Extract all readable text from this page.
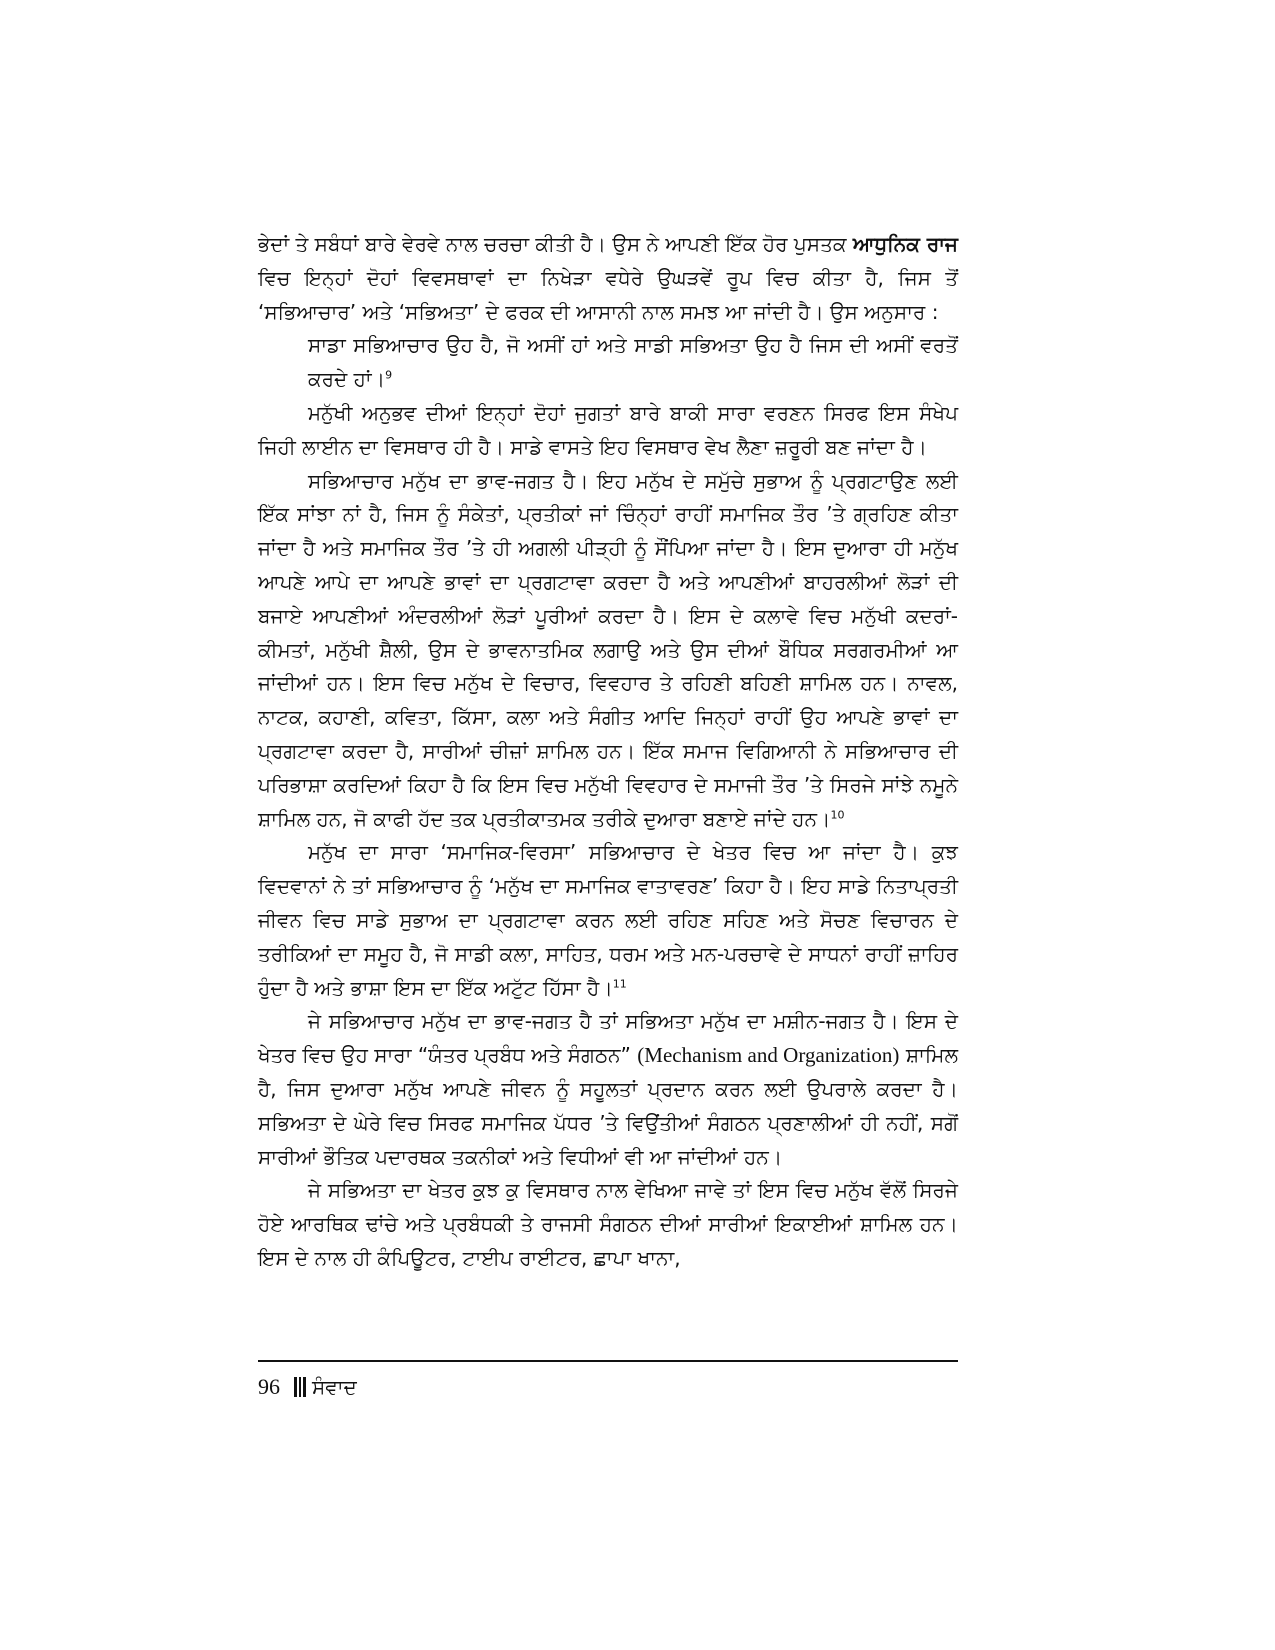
ਭੇਦਾਂ ਤੇ ਸਬੰਧਾਂ ਬਾਰੇ ਵੇਰਵੇ ਨਾਲ ਚਰਚਾ ਕੀਤੀ ਹੈ। ਉਸ ਨੇ ਆਪਣੀ ਇੱਕ ਹੋਰ ਪੁਸਤਕ ਆਧੁਨਿਕ ਰਾਜ ਵਿਚ ਇਨ੍ਹਾਂ ਦੋਹਾਂ ਵਿਵਸਥਾਵਾਂ ਦਾ ਨਿਖੇੜਾ ਵਧੇਰੇ ਉਘੜਵੇਂ ਰੂਪ ਵਿਚ ਕੀਤਾ ਹੈ, ਜਿਸ ਤੋਂ ‘ਸਭਿਆਚਾਰ’ ਅਤੇ ‘ਸਭਿਅਤਾ’ ਦੇ ਫਰਕ ਦੀ ਆਸਾਨੀ ਨਾਲ ਸਮਝ ਆ ਜਾਂਦੀ ਹੈ। ਉਸ ਅਨੁਸਾਰ :

ਸਾਡਾ ਸਭਿਆਚਾਰ ਉਹ ਹੈ, ਜੋ ਅਸੀਂ ਹਾਂ ਅਤੇ ਸਾਡੀ ਸਭਿਅਤਾ ਉਹ ਹੈ ਜਿਸ ਦੀ ਅਸੀਂ ਵਰਤੋਂ ਕਰਦੇ ਹਾਂ।$^9$

ਮਨੁੱਖੀ ਅਨੁਭਵ ਦੀਆਂ ਇਨ੍ਹਾਂ ਦੋਹਾਂ ਜੁਗਤਾਂ ਬਾਰੇ ਬਾਕੀ ਸਾਰਾ ਵਰਣਨ ਸਿਰਫ ਇਸ ਸੰਖੇਪ ਜਿਹੀ ਲਾਈਨ ਦਾ ਵਿਸਥਾਰ ਹੀ ਹੈ। ਸਾਡੇ ਵਾਸਤੇ ਇਹ ਵਿਸਥਾਰ ਵੇਖ ਲੈਣਾ ਜ਼ਰੂਰੀ ਬਣ ਜਾਂਦਾ ਹੈ।

ਸਭਿਆਚਾਰ ਮਨੁੱਖ ਦਾ ਭਾਵ-ਜਗਤ ਹੈ। ਇਹ ਮਨੁੱਖ ਦੇ ਸਮੁੱਚੇ ਸੁਭਾਅ ਨੂੰ ਪ੍ਰਗਟਾਉਣ ਲਈ ਇੱਕ ਸਾਂਝਾ ਨਾਂ ਹੈ, ਜਿਸ ਨੂੰ ਸੰਕੇਤਾਂ, ਪ੍ਰਤੀਕਾਂ ਜਾਂ ਚਿੰਨ੍ਹਾਂ ਰਾਹੀਂ ਸਮਾਜਿਕ ਤੌਰ ’ਤੇ ਗ੍ਰਹਿਣ ਕੀਤਾ ਜਾਂਦਾ ਹੈ ਅਤੇ ਸਮਾਜਿਕ ਤੌਰ ’ਤੇ ਹੀ ਅਗਲੀ ਪੀੜ੍ਹੀ ਨੂੰ ਸੌਂਪਿਆ ਜਾਂਦਾ ਹੈ। ਇਸ ਦੁਆਰਾ ਹੀ ਮਨੁੱਖ ਆਪਣੇ ਆਪੇ ਦਾ ਆਪਣੇ ਭਾਵਾਂ ਦਾ ਪ੍ਰਗਟਾਵਾ ਕਰਦਾ ਹੈ ਅਤੇ ਆਪਣੀਆਂ ਬਾਹਰਲੀਆਂ ਲੋੜਾਂ ਦੀ ਬਜਾਏ ਆਪਣੀਆਂ ਅੰਦਰਲੀਆਂ ਲੋੜਾਂ ਪੂਰੀਆਂ ਕਰਦਾ ਹੈ। ਇਸ ਦੇ ਕਲਾਵੇ ਵਿਚ ਮਨੁੱਖੀ ਕਦਰਾਂ-ਕੀਮਤਾਂ, ਮਨੁੱਖੀ ਸ਼ੈਲੀ, ਉਸ ਦੇ ਭਾਵਨਾਤਮਿਕ ਲਗਾਉ ਅਤੇ ਉਸ ਦੀਆਂ ਬੌਧਿਕ ਸਰਗਰਮੀਆਂ ਆ ਜਾਂਦੀਆਂ ਹਨ। ਇਸ ਵਿਚ ਮਨੁੱਖ ਦੇ ਵਿਚਾਰ, ਵਿਵਹਾਰ ਤੇ ਰਹਿਣੀ ਬਹਿਣੀ ਸ਼ਾਮਿਲ ਹਨ। ਨਾਵਲ, ਨਾਟਕ, ਕਹਾਣੀ, ਕਵਿਤਾ, ਕਿੱਸਾ, ਕਲਾ ਅਤੇ ਸੰਗੀਤ ਆਦਿ ਜਿਨ੍ਹਾਂ ਰਾਹੀਂ ਉਹ ਆਪਣੇ ਭਾਵਾਂ ਦਾ ਪ੍ਰਗਟਾਵਾ ਕਰਦਾ ਹੈ, ਸਾਰੀਆਂ ਚੀਜ਼ਾਂ ਸ਼ਾਮਿਲ ਹਨ। ਇੱਕ ਸਮਾਜ ਵਿਗਿਆਨੀ ਨੇ ਸਭਿਆਚਾਰ ਦੀ ਪਰਿਭਾਸ਼ਾ ਕਰਦਿਆਂ ਕਿਹਾ ਹੈ ਕਿ ਇਸ ਵਿਚ ਮਨੁੱਖੀ ਵਿਵਹਾਰ ਦੇ ਸਮਾਜੀ ਤੌਰ ’ਤੇ ਸਿਰਜੇ ਸਾਂਝੇ ਨਮੂਨੇ ਸ਼ਾਮਿਲ ਹਨ, ਜੋ ਕਾਫੀ ਹੱਦ ਤਕ ਪ੍ਰਤੀਕਾਤਮਕ ਤਰੀਕੇ ਦੁਆਰਾ ਬਣਾਏ ਜਾਂਦੇ ਹਨ।$^{10}$

ਮਨੁੱਖ ਦਾ ਸਾਰਾ ‘ਸਮਾਜਿਕ-ਵਿਰਸਾ’ ਸਭਿਆਚਾਰ ਦੇ ਖੇਤਰ ਵਿਚ ਆ ਜਾਂਦਾ ਹੈ। ਕੁਝ ਵਿਦਵਾਨਾਂ ਨੇ ਤਾਂ ਸਭਿਆਚਾਰ ਨੂੰ ‘ਮਨੁੱਖ ਦਾ ਸਮਾਜਿਕ ਵਾਤਾਵਰਣ’ ਕਿਹਾ ਹੈ। ਇਹ ਸਾਡੇ ਨਿਤਾਪ੍ਰਤੀ ਜੀਵਨ ਵਿਚ ਸਾਡੇ ਸੁਭਾਅ ਦਾ ਪ੍ਰਗਟਾਵਾ ਕਰਨ ਲਈ ਰਹਿਣ ਸਹਿਣ ਅਤੇ ਸੋਚਣ ਵਿਚਾਰਨ ਦੇ ਤਰੀਕਿਆਂ ਦਾ ਸਮੂਹ ਹੈ, ਜੋ ਸਾਡੀ ਕਲਾ, ਸਾਹਿਤ, ਧਰਮ ਅਤੇ ਮਨ-ਪਰਚਾਵੇ ਦੇ ਸਾਧਨਾਂ ਰਾਹੀਂ ਜ਼ਾਹਿਰ ਹੁੰਦਾ ਹੈ ਅਤੇ ਭਾਸ਼ਾ ਇਸ ਦਾ ਇੱਕ ਅਟੁੱਟ ਹਿੱਸਾ ਹੈ।$^{11}$

ਜੇ ਸਭਿਆਚਾਰ ਮਨੁੱਖ ਦਾ ਭਾਵ-ਜਗਤ ਹੈ ਤਾਂ ਸਭਿਅਤਾ ਮਨੁੱਖ ਦਾ ਮਸ਼ੀਨ-ਜਗਤ ਹੈ। ਇਸ ਦੇ ਖੇਤਰ ਵਿਚ ਉਹ ਸਾਰਾ “ਯੰਤਰ ਪ੍ਰਬੰਧ ਅਤੇ ਸੰਗਠਨ” (Mechanism and Organization) ਸ਼ਾਮਿਲ ਹੈ, ਜਿਸ ਦੁਆਰਾ ਮਨੁੱਖ ਆਪਣੇ ਜੀਵਨ ਨੂੰ ਸਹੂਲਤਾਂ ਪ੍ਰਦਾਨ ਕਰਨ ਲਈ ਉਪਰਾਲੇ ਕਰਦਾ ਹੈ। ਸਭਿਅਤਾ ਦੇ ਘੇਰੇ ਵਿਚ ਸਿਰਫ ਸਮਾਜਿਕ ਪੱਧਰ ’ਤੇ ਵਿਉਂਤੀਆਂ ਸੰਗਠਨ ਪ੍ਰਣਾਲੀਆਂ ਹੀ ਨਹੀਂ, ਸਗੋਂ ਸਾਰੀਆਂ ਭੌਤਿਕ ਪਦਾਰਥਕ ਤਕਨੀਕਾਂ ਅਤੇ ਵਿਧੀਆਂ ਵੀ ਆ ਜਾਂਦੀਆਂ ਹਨ।

ਜੇ ਸਭਿਅਤਾ ਦਾ ਖੇਤਰ ਕੁਝ ਕੁ ਵਿਸਥਾਰ ਨਾਲ ਵੇਖਿਆ ਜਾਵੇ ਤਾਂ ਇਸ ਵਿਚ ਮਨੁੱਖ ਵੱਲੋਂ ਸਿਰਜੇ ਹੋਏ ਆਰਥਿਕ ਢਾਂਚੇ ਅਤੇ ਪ੍ਰਬੰਧਕੀ ਤੇ ਰਾਜਸੀ ਸੰਗਠਨ ਦੀਆਂ ਸਾਰੀਆਂ ਇਕਾਈਆਂ ਸ਼ਾਮਿਲ ਹਨ। ਇਸ ਦੇ ਨਾਲ ਹੀ ਕੰਪਿਊਟਰ, ਟਾਈਪ ਰਾਈਟਰ, ਛਾਪਾ ਖਾਨਾ,

96 ਸੰਵਾਦ
